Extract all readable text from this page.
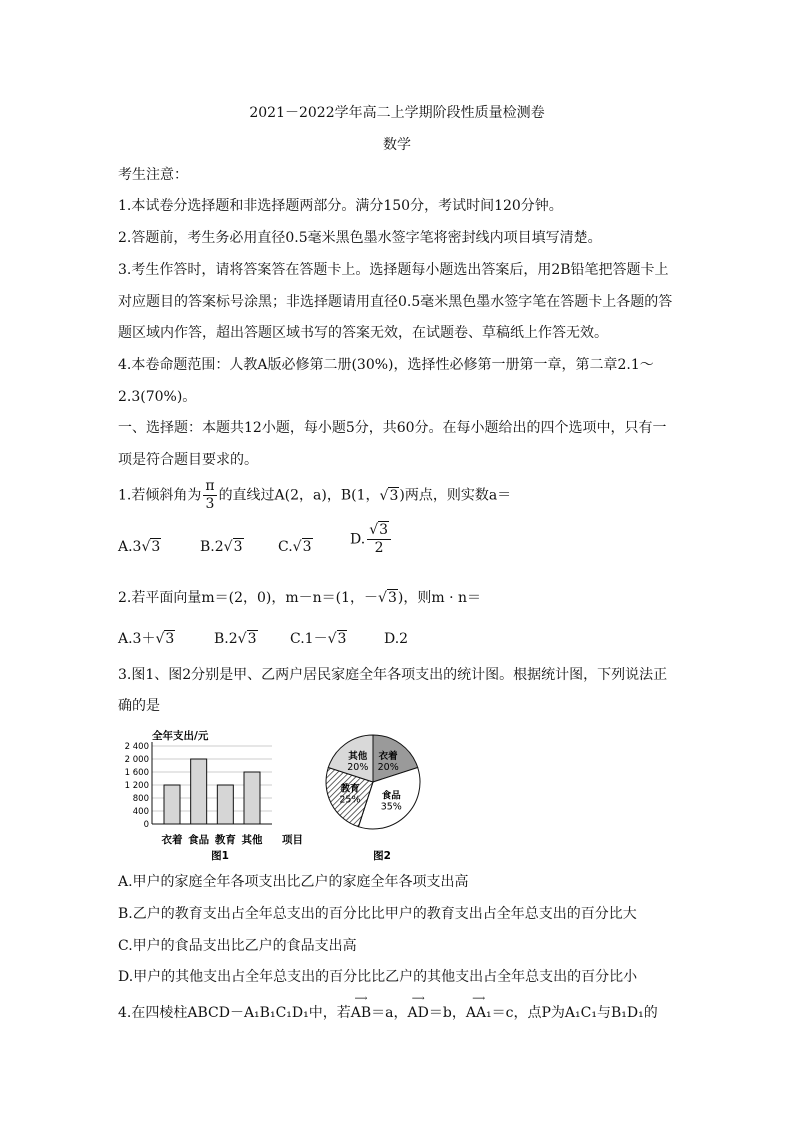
2021－2022学年高二上学期阶段性质量检测卷
数学
考生注意：
1.本试卷分选择题和非选择题两部分。满分150分，考试时间120分钟。
2.答题前，考生务必用直径0.5毫米黑色墨水签字笔将密封线内项目填写清楚。
3.考生作答时，请将答案答在答题卡上。选择题每小题选出答案后，用2B铅笔把答题卡上
对应题目的答案标号涂黑；非选择题请用直径0.5毫米黑色墨水签字笔在答题卡上各题的答
题区域内作答，超出答题区域书写的答案无效，在试题卷、草稿纸上作答无效。
4.本卷命题范围：人教A版必修第二册(30%)，选择性必修第一册第一章，第二章2.1～
2.3(70%)。
一、选择题：本题共12小题，每小题5分，共60分。在每小题给出的四个选项中，只有一
项是符合题目要求的。
1.若倾斜角为 $\frac{\pi}{3}$ 的直线过A(2，a)，B(1，√3)两点，则实数a＝
A.3√3	B.2√3	C.√3	D. $\frac{√3}{2}$
2.若平面向量m＝(2，0)，m－n＝(1，－√3)，则m · n＝
A.3＋√3	B.2√3 C.1－√3	D.2
3.图1、图2分别是甲、乙两户居民家庭全年各项支出的统计图。根据统计图，下列说法正
确的是
全年支出/元
0
400
800
1 200
1 600
2 000
2 400
衣着 食品 教育 其他 项目
图1
衣着
20%
食品
35%
教育
25%
其他
20%
图2
A.甲户的家庭全年各项支出比乙户的家庭全年各项支出高
B.乙户的教育支出占全年总支出的百分比比甲户的教育支出占全年总支出的百分比大
C.甲户的食品支出比乙户的食品支出高
D.甲户的其他支出占全年总支出的百分比比乙户的其他支出占全年总支出的百分比小
4.在四棱柱ABCD－A₁B₁C₁D₁中，若
⟶
AB＝a，
⟶
AD＝b，
⟶
AA₁＝c，点P为A₁C₁与B₁D₁的
